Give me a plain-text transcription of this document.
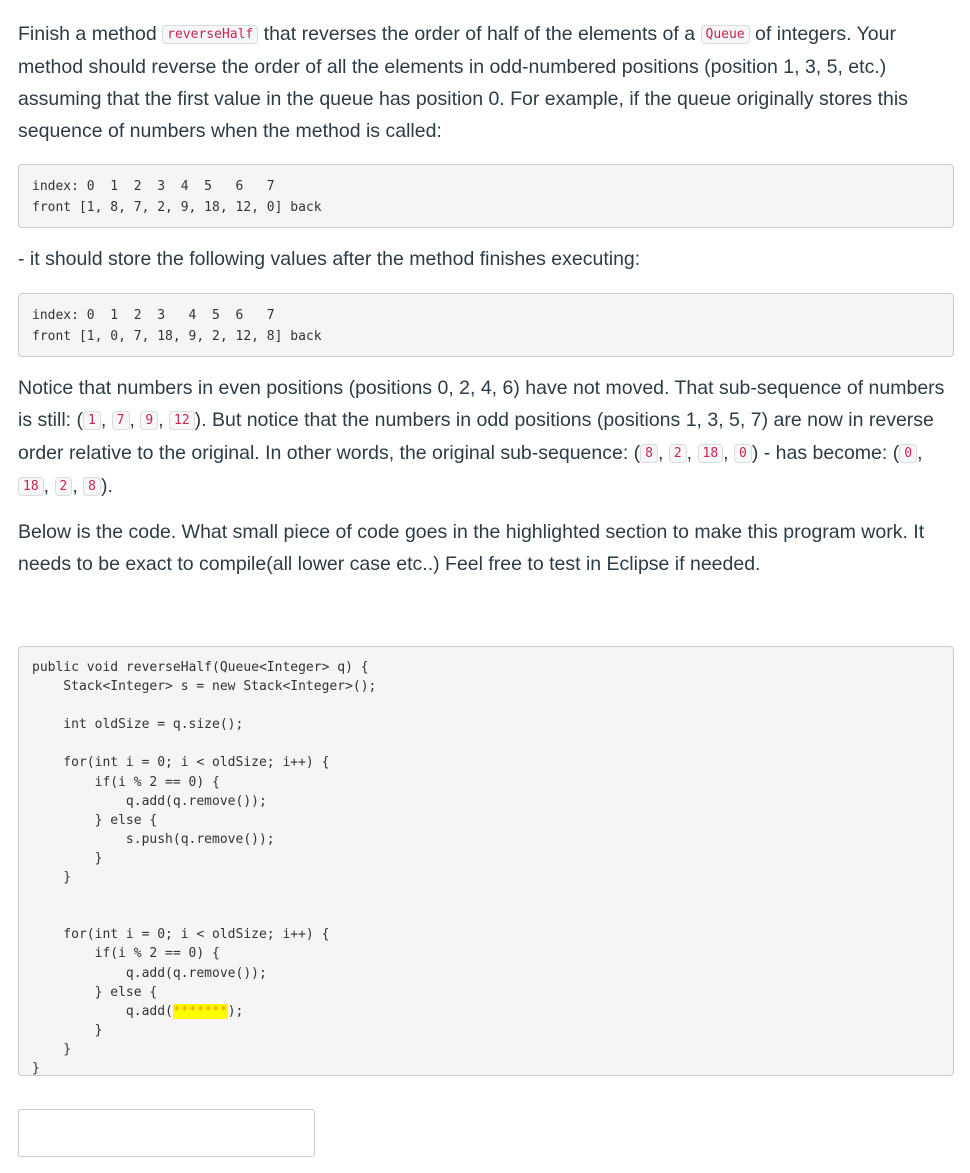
Finish a method reverseHalf that reverses the order of half of the elements of a Queue of integers. Your method should reverse the order of all the elements in odd-numbered positions (position 1, 3, 5, etc.) assuming that the first value in the queue has position 0. For example, if the queue originally stores this sequence of numbers when the method is called:

index: 0  1  2  3  4  5   6   7
front [1, 8, 7, 2, 9, 18, 12, 0] back

- it should store the following values after the method finishes executing:

index: 0  1  2  3   4  5  6   7
front [1, 0, 7, 18, 9, 2, 12, 8] back

Notice that numbers in even positions (positions 0, 2, 4, 6) have not moved. That sub-sequence of numbers is still: ( 1 , 7 , 9 , 12 ). But notice that the numbers in odd positions (positions 1, 3, 5, 7) are now in reverse order relative to the original. In other words, the original sub-sequence: ( 8 , 2 , 18 , 0 ) - has become: ( 0 , 18 , 2 , 8 ).

Below is the code. What small piece of code goes in the highlighted section to make this program work. It needs to be exact to compile(all lower case etc..) Feel free to test in Eclipse if needed.

public void reverseHalf(Queue<Integer> q) {
Stack<Integer> s = new Stack<Integer>();

int oldSize = q.size();

for(int i = 0; i < oldSize; i++) {
if(i % 2 == 0) {
q.add(q.remove());
} else {
s.push(q.remove());
}
}

for(int i = 0; i < oldSize; i++) {
if(i % 2 == 0) {
q.add(q.remove());
} else {
q.add(*******);
}
}
}
